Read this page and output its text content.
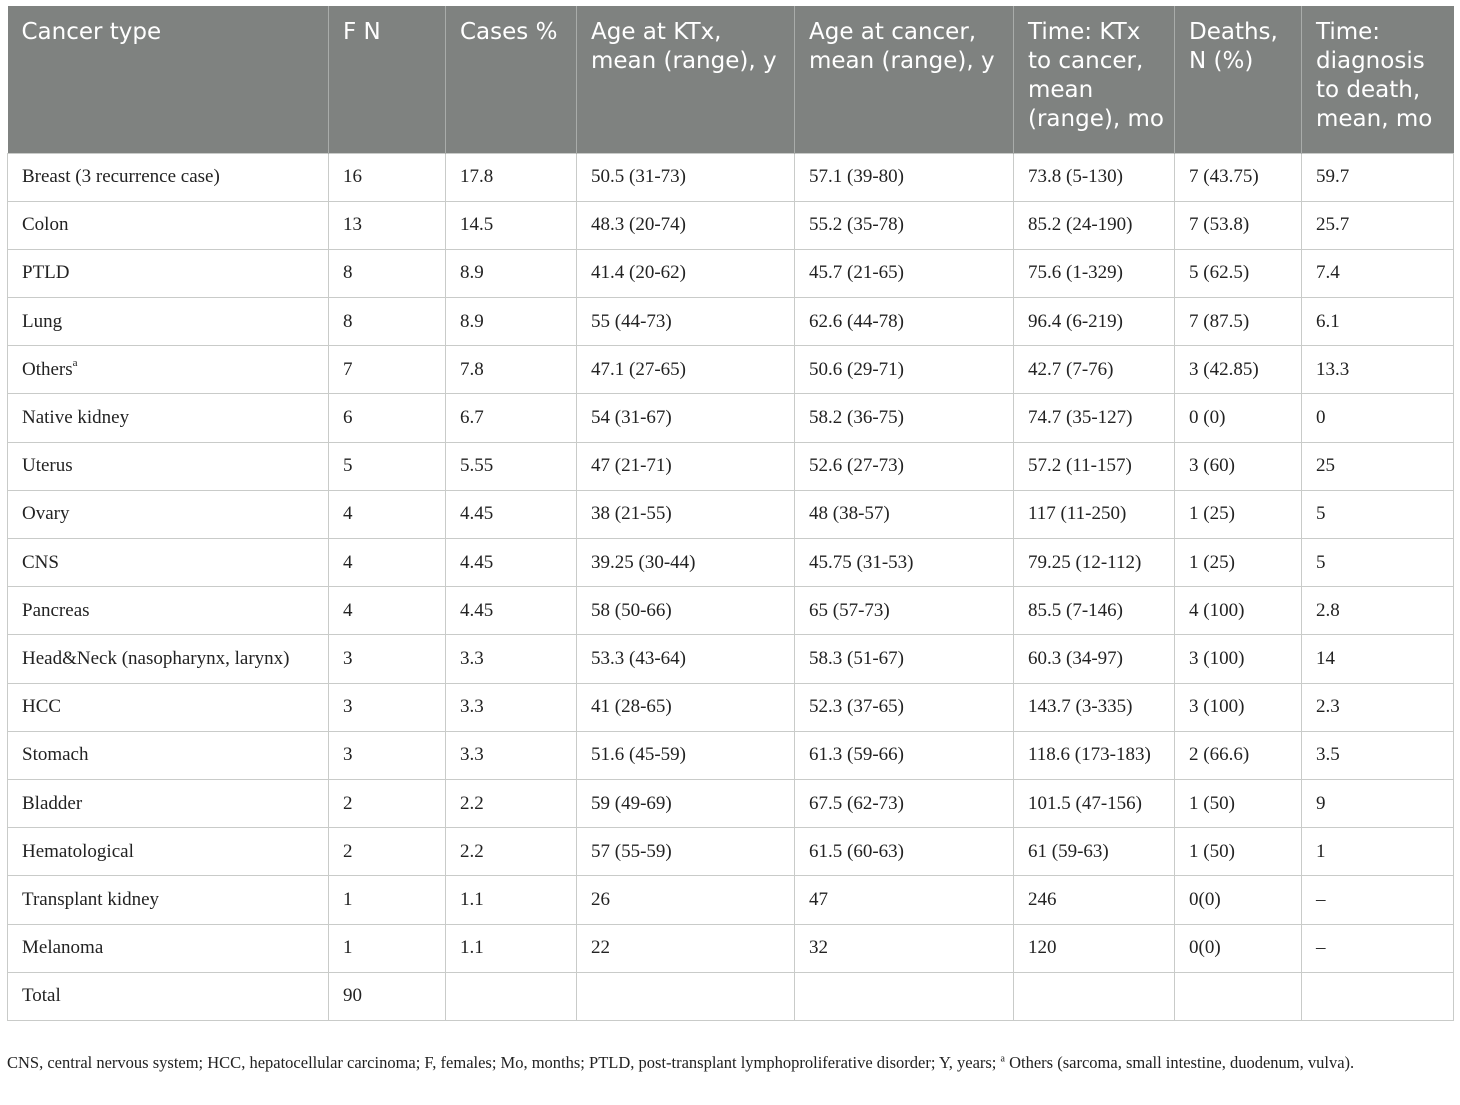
Cancer type	F N	Cases %	Age at KTx, mean (range), y	Age at cancer, mean (range), y	Time: KTx to cancer, mean (range), mo	Deaths, N (%)	Time: diagnosis to death, mean, mo
Breast (3 recurrence case)	16	17.8	50.5 (31-73)	57.1 (39-80)	73.8 (5-130)	7 (43.75)	59.7
Colon	13	14.5	48.3 (20-74)	55.2 (35-78)	85.2 (24-190)	7 (53.8)	25.7
PTLD	8	8.9	41.4 (20-62)	45.7 (21-65)	75.6 (1-329)	5 (62.5)	7.4
Lung	8	8.9	55 (44-73)	62.6 (44-78)	96.4 (6-219)	7 (87.5)	6.1
Others$^a$	7	7.8	47.1 (27-65)	50.6 (29-71)	42.7 (7-76)	3 (42.85)	13.3
Native kidney	6	6.7	54 (31-67)	58.2 (36-75)	74.7 (35-127)	0 (0)	0
Uterus	5	5.55	47 (21-71)	52.6 (27-73)	57.2 (11-157)	3 (60)	25
Ovary	4	4.45	38 (21-55)	48 (38-57)	117 (11-250)	1 (25)	5
CNS	4	4.45	39.25 (30-44)	45.75 (31-53)	79.25 (12-112)	1 (25)	5
Pancreas	4	4.45	58 (50-66)	65 (57-73)	85.5 (7-146)	4 (100)	2.8
Head&Neck (nasopharynx, larynx)	3	3.3	53.3 (43-64)	58.3 (51-67)	60.3 (34-97)	3 (100)	14
HCC	3	3.3	41 (28-65)	52.3 (37-65)	143.7 (3-335)	3 (100)	2.3
Stomach	3	3.3	51.6 (45-59)	61.3 (59-66)	118.6 (173-183)	2 (66.6)	3.5
Bladder	2	2.2	59 (49-69)	67.5 (62-73)	101.5 (47-156)	1 (50)	9
Hematological	2	2.2	57 (55-59)	61.5 (60-63)	61 (59-63)	1 (50)	1
Transplant kidney	1	1.1	26	47	246	0(0)	–
Melanoma	1	1.1	22	32	120	0(0)	–
Total	90						
CNS, central nervous system; HCC, hepatocellular carcinoma; F, females; Mo, months; PTLD, post-transplant lymphoproliferative disorder; Y, years; $^a$ Others (sarcoma, small intestine, duodenum, vulva).
